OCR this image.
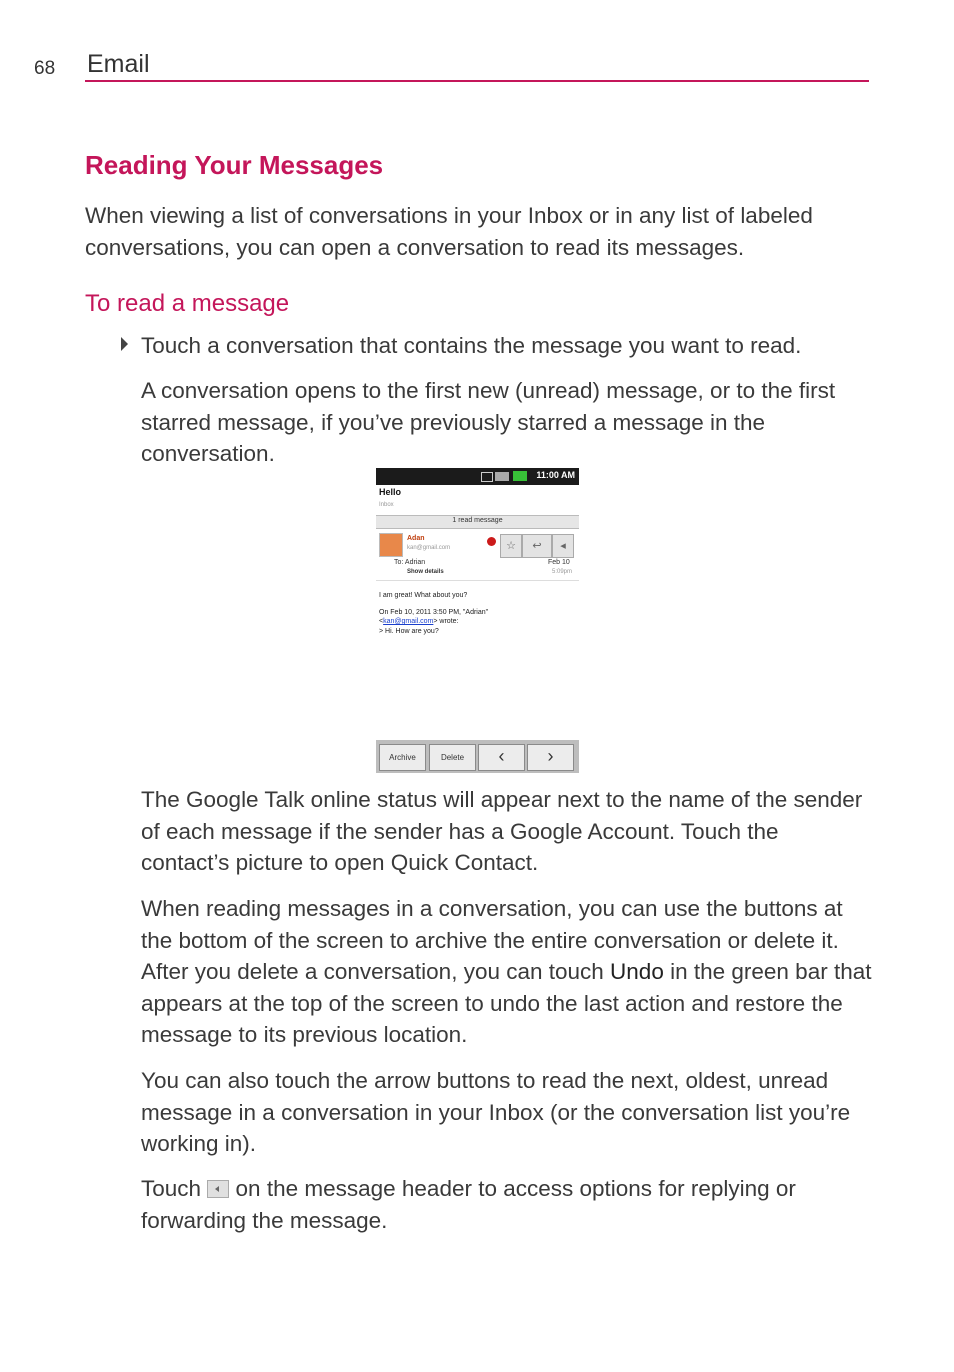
68 Email
Reading Your Messages

When viewing a list of conversations in your Inbox or in any list of labeled conversations, you can open a conversation to read its messages.

To read a message

Touch a conversation that contains the message you want to read.

A conversation opens to the first new (unread) message, or to the first starred message, if you’ve previously starred a message in the conversation.

11:00 AM
Hello
Inbox
1 read message
Adan
kan@gmail.com	☆	↩	◂
To: Adrian
Show details
Feb 10
5:09pm
I am great! What about you?
On Feb 10, 2011 3:50 PM, "Adrian"
<kan@gmail.com> wrote:
> Hi. How are you?
Archive	Delete	‹	›

The Google Talk online status will appear next to the name of the sender of each message if the sender has a Google Account. Touch the contact’s picture to open Quick Contact.

When reading messages in a conversation, you can use the buttons at the bottom of the screen to archive the entire conversation or delete it. After you delete a conversation, you can touch Undo in the green bar that appears at the top of the screen to undo the last action and restore the message to its previous location.

You can also touch the arrow buttons to read the next, oldest, unread message in a conversation in your Inbox (or the conversation list you’re working in).

Touch  on the message header to access options for replying or forwarding the message.
